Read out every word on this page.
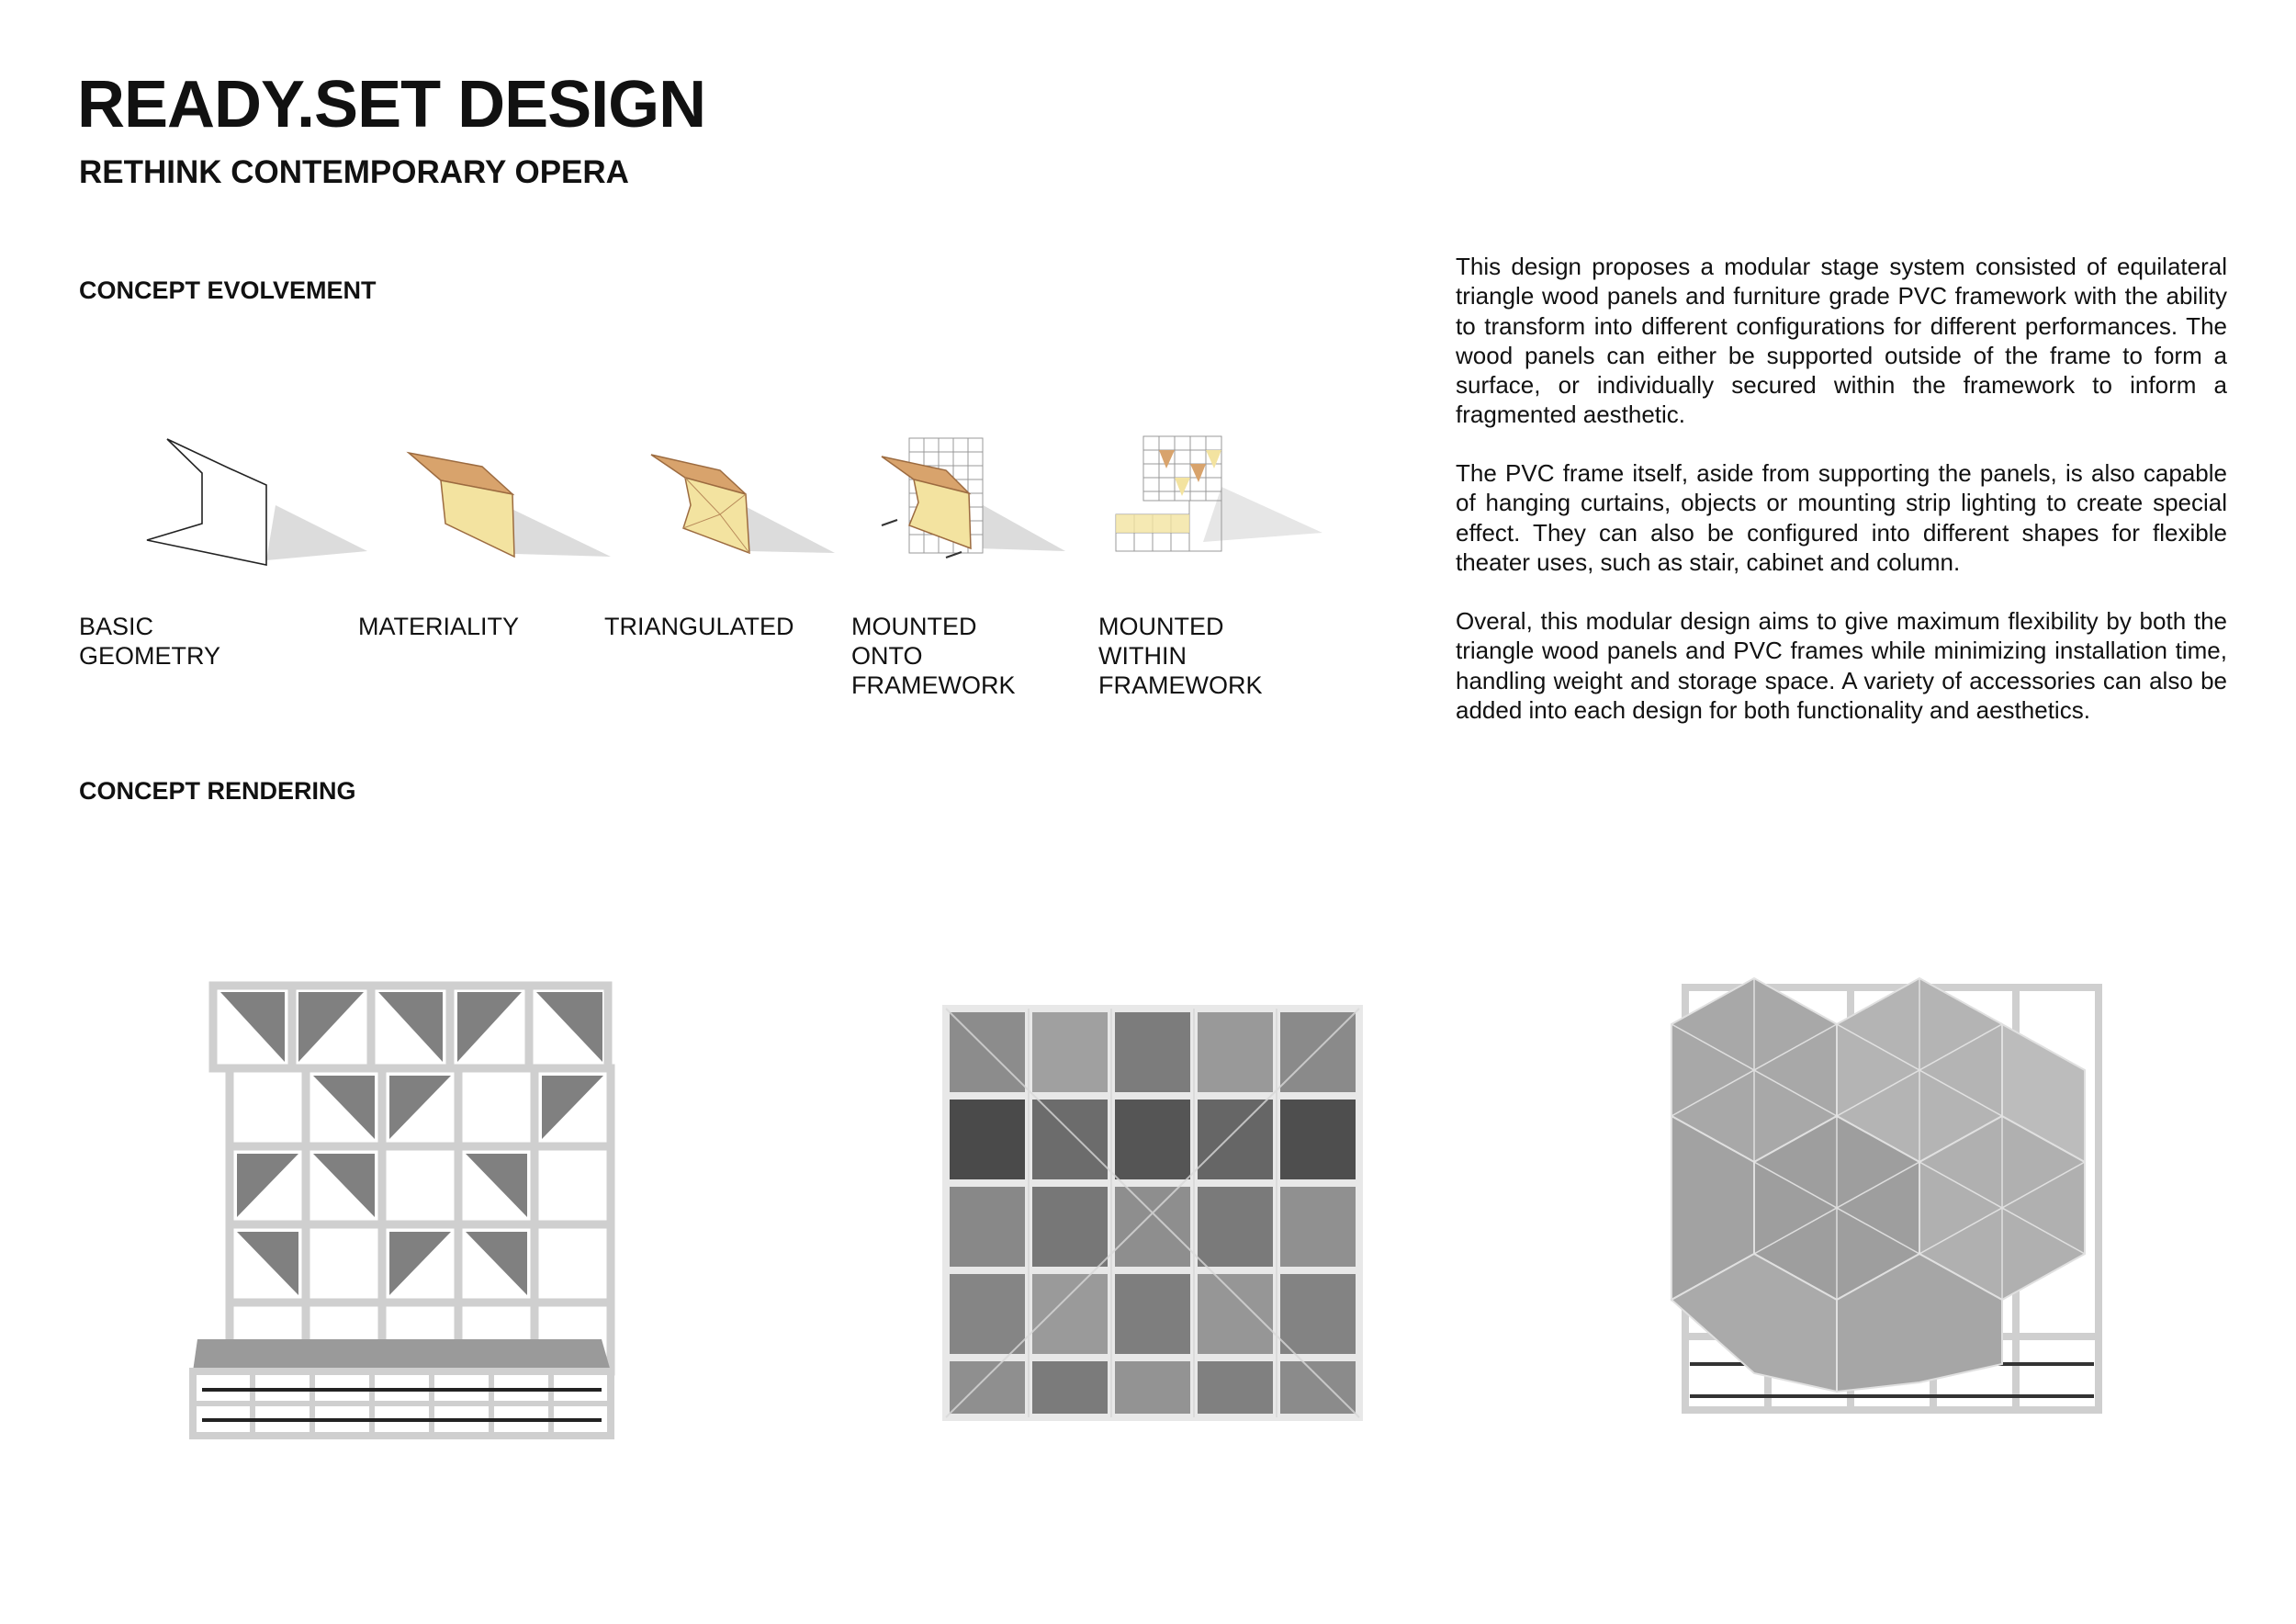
READY.SET DESIGN
RETHINK CONTEMPORARY OPERA
CONCEPT EVOLVEMENT
BASIC GEOMETRY
MATERIALITY	TRIANGULATED	MOUNTED ONTO FRAMEWORK
MOUNTED WITHIN FRAMEWORK

This design proposes a modular stage system consisted of equilateral triangle wood panels and furniture grade PVC framework with the ability to transform into different configurations for different performances. The wood panels can either be supported outside of the frame to form a surface, or individually secured within the framework to inform a fragmented aesthetic.

The PVC frame itself, aside from supporting the panels, is also capable of hanging curtains, objects or mounting strip lighting to create special effect. They can also be configured into different shapes for flexible theater uses, such as stair, cabinet and column.

Overal, this modular design aims to give maximum flexibility by both the triangle wood panels and PVC frames while minimizing installation time, handling weight and storage space. A variety of accessories can also be added into each design for both functionality and aesthetics.

CONCEPT RENDERING
